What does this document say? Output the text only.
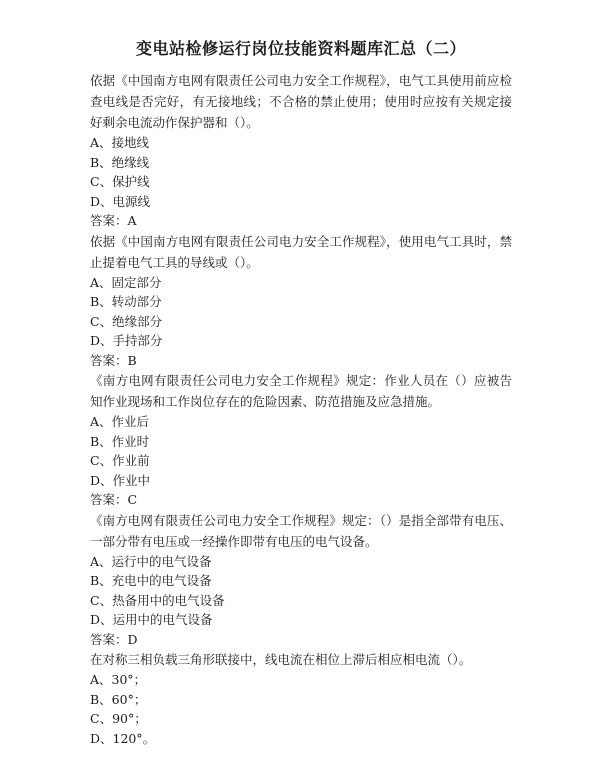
变电站检修运行岗位技能资料题库汇总（二）

依据《中国南方电网有限责任公司电力安全工作规程》，电气工具使用前应检查电线是否完好，有无接地线；不合格的禁止使用；使用时应按有关规定接好剩余电流动作保护器和（）。

A、接地线

B、绝缘线

C、保护线

D、电源线

答案：A

依据《中国南方电网有限责任公司电力安全工作规程》，使用电气工具时，禁止提着电气工具的导线或（）。

A、固定部分

B、转动部分

C、绝缘部分

D、手持部分

答案：B

《南方电网有限责任公司电力安全工作规程》规定：作业人员在（）应被告知作业现场和工作岗位存在的危险因素、防范措施及应急措施。

A、作业后

B、作业时

C、作业前

D、作业中

答案：C

《南方电网有限责任公司电力安全工作规程》规定：（）是指全部带有电压、一部分带有电压或一经操作即带有电压的电气设备。

A、运行中的电气设备

B、充电中的电气设备

C、热备用中的电气设备

D、运用中的电气设备

答案：D

在对称三相负载三角形联接中，线电流在相位上滞后相应相电流（）。

A、30°；

B、60°；

C、90°；

D、120°。
